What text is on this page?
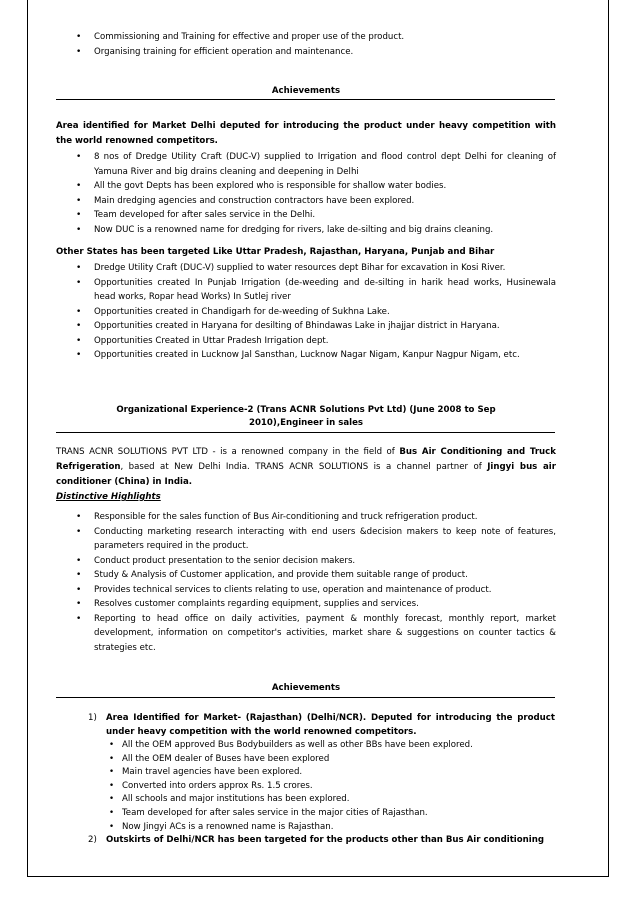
• Commissioning and Training for effective and proper use of the product.
• Organising training for efficient operation and maintenance.
Achievements
Area identified for Market Delhi deputed for introducing the product under heavy competition with the world renowned competitors.
• 8 nos of Dredge Utility Craft (DUC-V) supplied to Irrigation and flood control dept Delhi for cleaning of Yamuna River and big drains cleaning and deepening in Delhi
• All the govt Depts has been explored who is responsible for shallow water bodies.
• Main dredging agencies and construction contractors have been explored.
• Team developed for after sales service in the Delhi.
• Now DUC is a renowned name for dredging for rivers, lake de-silting and big drains cleaning.
Other States has been targeted Like Uttar Pradesh, Rajasthan, Haryana, Punjab and Bihar
• Dredge Utility Craft (DUC-V) supplied to water resources dept Bihar for excavation in Kosi River.
• Opportunities created In Punjab Irrigation (de-weeding and de-silting in harik head works, Husinewala head works, Ropar head Works) In Sutlej river
• Opportunities created in Chandigarh for de-weeding of Sukhna Lake.
• Opportunities created in Haryana for desilting of Bhindawas Lake in jhajjar district in Haryana.
• Opportunities Created in Uttar Pradesh Irrigation dept.
• Opportunities created in Lucknow Jal Sansthan, Lucknow Nagar Nigam, Kanpur Nagpur Nigam, etc.
Organizational Experience-2 (Trans ACNR Solutions Pvt Ltd) (June 2008 to Sep
2010),Engineer in sales
TRANS ACNR SOLUTIONS PVT LTD - is a renowned company in the field of Bus Air Conditioning and Truck Refrigeration, based at New Delhi India. TRANS ACNR SOLUTIONS is a channel partner of Jingyi bus air conditioner (China) in India.
Distinctive Highlights
• Responsible for the sales function of Bus Air-conditioning and truck refrigeration product.
• Conducting marketing research interacting with end users &decision makers to keep note of features, parameters required in the product.
• Conduct product presentation to the senior decision makers.
• Study & Analysis of Customer application, and provide them suitable range of product.
• Provides technical services to clients relating to use, operation and maintenance of product.
• Resolves customer complaints regarding equipment, supplies and services.
• Reporting to head office on daily activities, payment & monthly forecast, monthly report, market development, information on competitor's activities, market share & suggestions on counter tactics & strategies etc.
Achievements
1) Area Identified for Market- (Rajasthan) (Delhi/NCR). Deputed for introducing the product under heavy competition with the world renowned competitors.
• All the OEM approved Bus Bodybuilders as well as other BBs have been explored.
• All the OEM dealer of Buses have been explored
• Main travel agencies have been explored.
• Converted into orders approx Rs. 1.5 crores.
• All schools and major institutions has been explored.
• Team developed for after sales service in the major cities of Rajasthan.
• Now Jingyi ACs is a renowned name is Rajasthan.
2) Outskirts of Delhi/NCR has been targeted for the products other than Bus Air conditioning
